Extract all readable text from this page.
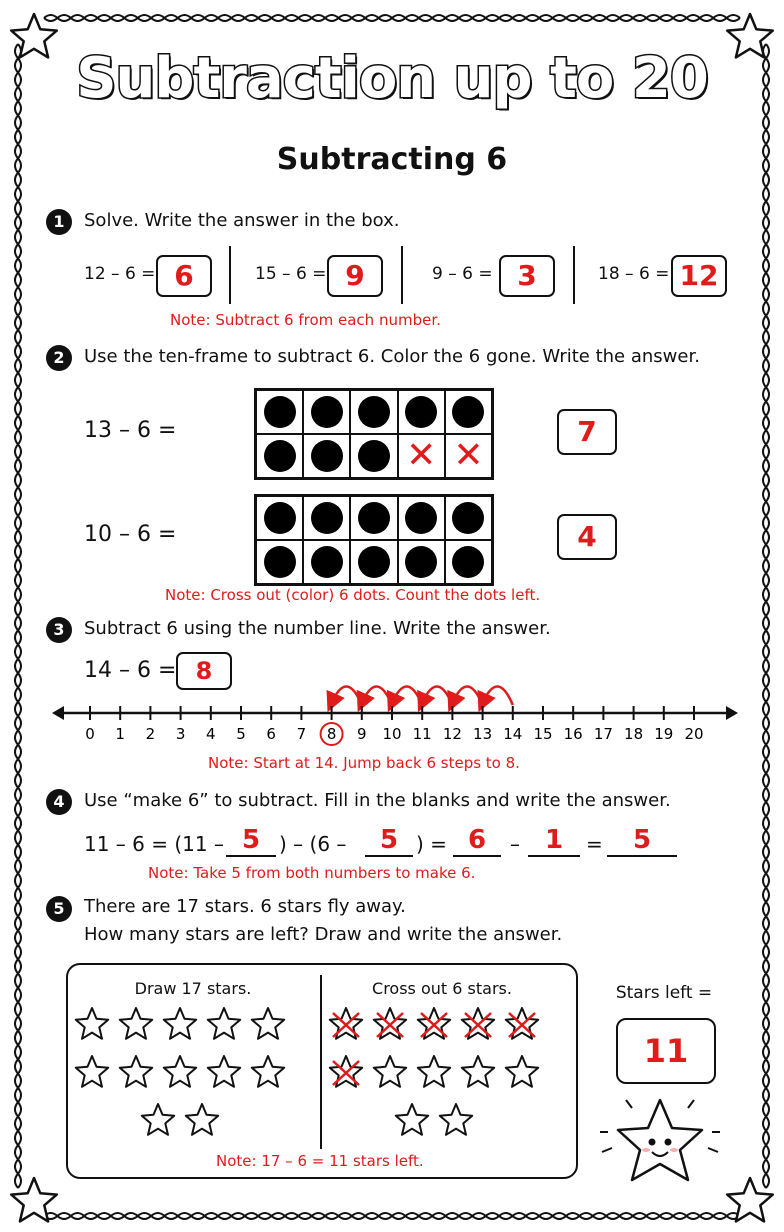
Subtraction up to 20
Subtracting 6
1	Solve. Write the answer in the box.
12 – 6 = 6	15 – 6 = 9	9 – 6 = 3	18 – 6 = 12
Note: Subtract 6 from each number.
2	Use the ten-frame to subtract 6. Color the 6 gone. Write the answer.
13 – 6 =
✕ ✕
7
10 – 6 =	4
Note: Cross out (color) 6 dots. Count the dots left.
3	Subtract 6 using the number line. Write the answer.
14 – 6 = 8
0 1 2 3 4 5 6 7 8 9 10 11 12 13 14 15 16 17 18 19 20
Note: Start at 14. Jump back 6 steps to 8.
4	Use “make 6” to subtract. Fill in the blanks and write the answer.
11 – 6 = (11 – 5 ) – (6 –	5 ) = 6	– 1	=	5
Note: Take 5 from both numbers to make 6.
5	There are 17 stars. 6 stars fly away.
How many stars are left? Draw and write the answer.
Draw 17 stars.	Cross out 6 stars.
Note: 17 – 6 = 11 stars left.
Stars left =
11
